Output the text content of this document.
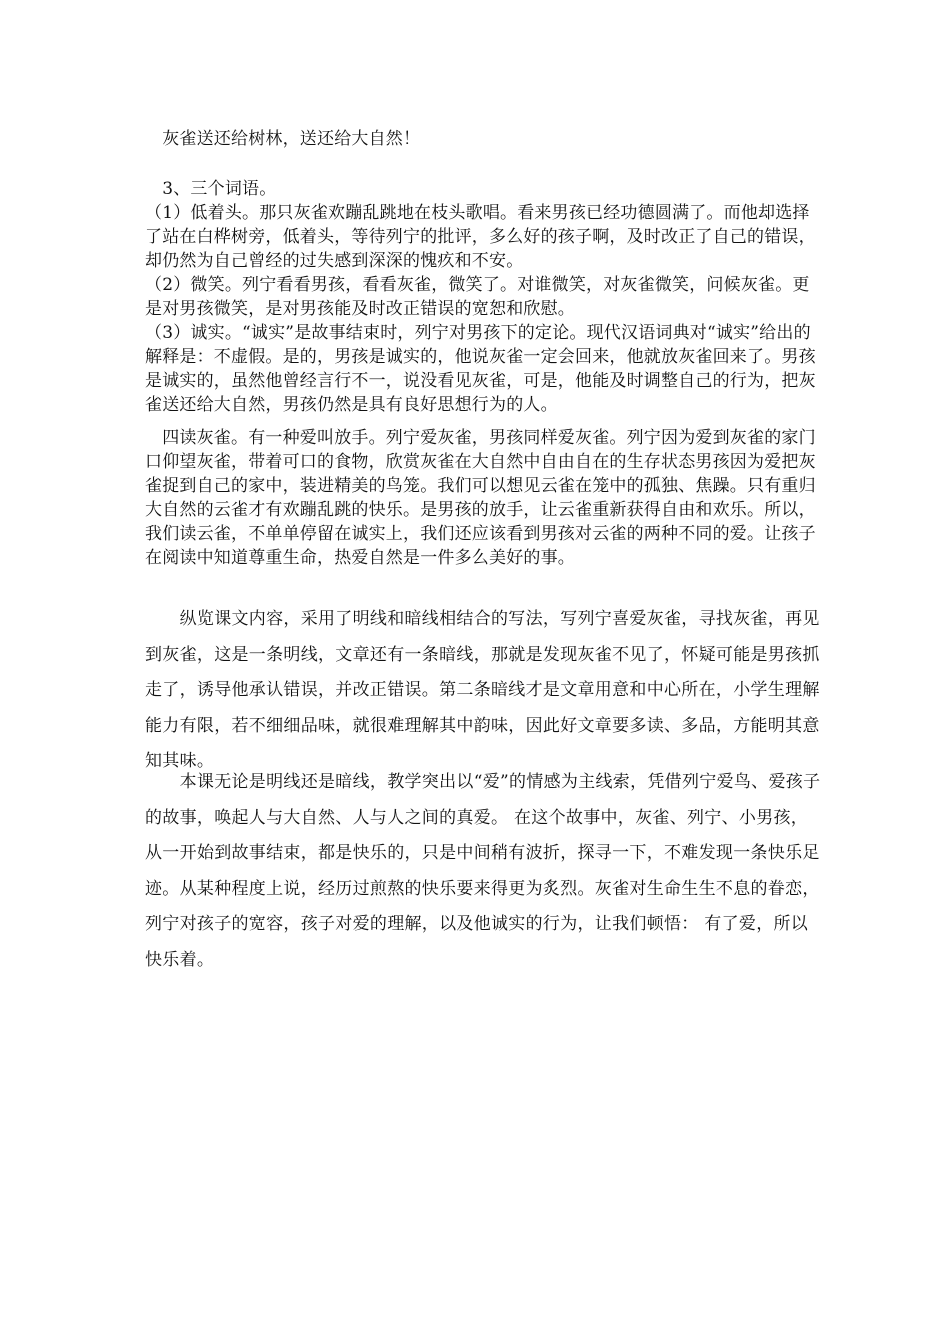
　灰雀送还给树林，送还给大自然！

　3、三个词语。

（1）低着头。那只灰雀欢蹦乱跳地在枝头歌唱。看来男孩已经功德圆满了。而他却选择了站在白桦树旁，低着头，等待列宁的批评，多么好的孩子啊，及时改正了自己的错误，却仍然为自己曾经的过失感到深深的愧疚和不安。

（2）微笑。列宁看看男孩，看看灰雀，微笑了。对谁微笑，对灰雀微笑，问候灰雀。更是对男孩微笑，是对男孩能及时改正错误的宽恕和欣慰。

（3）诚实。“诚实”是故事结束时，列宁对男孩下的定论。现代汉语词典对“诚实”给出的解释是：不虚假。是的，男孩是诚实的，他说灰雀一定会回来，他就放灰雀回来了。男孩是诚实的，虽然他曾经言行不一，说没看见灰雀，可是，他能及时调整自己的行为，把灰雀送还给大自然，男孩仍然是具有良好思想行为的人。

　四读灰雀。有一种爱叫放手。列宁爱灰雀，男孩同样爱灰雀。列宁因为爱到灰雀的家门口仰望灰雀，带着可口的食物，欣赏灰雀在大自然中自由自在的生存状态男孩因为爱把灰雀捉到自己的家中，装进精美的鸟笼。我们可以想见云雀在笼中的孤独、焦躁。只有重归大自然的云雀才有欢蹦乱跳的快乐。是男孩的放手，让云雀重新获得自由和欢乐。所以，我们读云雀，不单单停留在诚实上，我们还应该看到男孩对云雀的两种不同的爱。让孩子在阅读中知道尊重生命，热爱自然是一件多么美好的事。

　　纵览课文内容，采用了明线和暗线相结合的写法，写列宁喜爱灰雀，寻找灰雀，再见到灰雀，这是一条明线，文章还有一条暗线，那就是发现灰雀不见了，怀疑可能是男孩抓走了，诱导他承认错误，并改正错误。第二条暗线才是文章用意和中心所在，小学生理解能力有限，若不细细品味，就很难理解其中韵味，因此好文章要多读、多品，方能明其意知其味。

　　本课无论是明线还是暗线，教学突出以“爱”的情感为主线索，凭借列宁爱鸟、爱孩子的故事，唤起人与大自然、人与人之间的真爱。 在这个故事中，灰雀、列宁、小男孩，从一开始到故事结束，都是快乐的，只是中间稍有波折，探寻一下，不难发现一条快乐足迹。从某种程度上说，经历过煎熬的快乐要来得更为炙烈。灰雀对生命生生不息的眷恋，列宁对孩子的宽容，孩子对爱的理解，以及他诚实的行为，让我们顿悟： 有了爱，所以快乐着。
